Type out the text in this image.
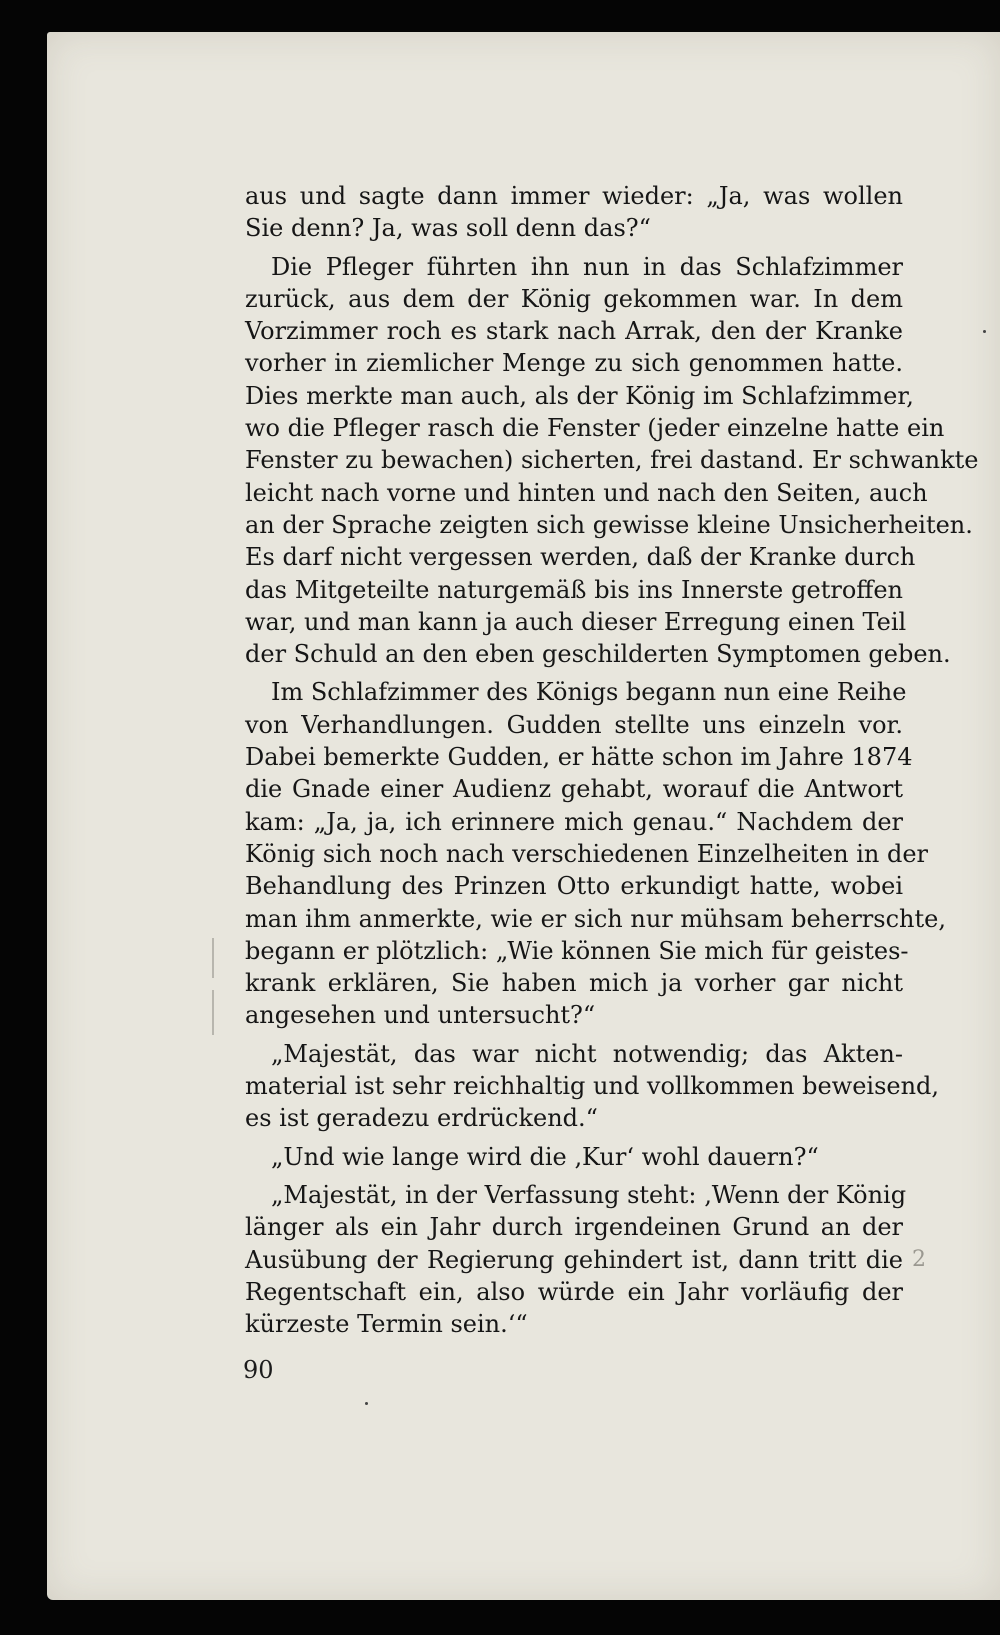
2
aus und sagte dann immer wieder: „Ja, was wollen
Sie denn? Ja, was soll denn das?“
Die Pfleger führten ihn nun in das Schlafzimmer
zurück, aus dem der König gekommen war. In dem
Vorzimmer roch es stark nach Arrak, den der Kranke
vorher in ziemlicher Menge zu sich genommen hatte.
Dies merkte man auch, als der König im Schlafzimmer,
wo die Pfleger rasch die Fenster (jeder einzelne hatte ein
Fenster zu bewachen) sicherten, frei dastand. Er schwankte
leicht nach vorne und hinten und nach den Seiten, auch
an der Sprache zeigten sich gewisse kleine Unsicherheiten.
Es darf nicht vergessen werden, daß der Kranke durch
das Mitgeteilte naturgemäß bis ins Innerste getroffen
war, und man kann ja auch dieser Erregung einen Teil
der Schuld an den eben geschilderten Symptomen geben.
Im Schlafzimmer des Königs begann nun eine Reihe
von Verhandlungen. Gudden stellte uns einzeln vor.
Dabei bemerkte Gudden, er hätte schon im Jahre 1874
die Gnade einer Audienz gehabt, worauf die Antwort
kam: „Ja, ja, ich erinnere mich genau.“ Nachdem der
König sich noch nach verschiedenen Einzelheiten in der
Behandlung des Prinzen Otto erkundigt hatte, wobei
man ihm anmerkte, wie er sich nur mühsam beherrschte,
begann er plötzlich: „Wie können Sie mich für geistes-
krank erklären, Sie haben mich ja vorher gar nicht
angesehen und untersucht?“
„Majestät, das war nicht notwendig; das Akten-
material ist sehr reichhaltig und vollkommen beweisend,
es ist geradezu erdrückend.“
„Und wie lange wird die ‚Kur‘ wohl dauern?“
„Majestät, in der Verfassung steht: ‚Wenn der König
länger als ein Jahr durch irgendeinen Grund an der
Ausübung der Regierung gehindert ist, dann tritt die
Regentschaft ein, also würde ein Jahr vorläufig der
kürzeste Termin sein.‘“
90
